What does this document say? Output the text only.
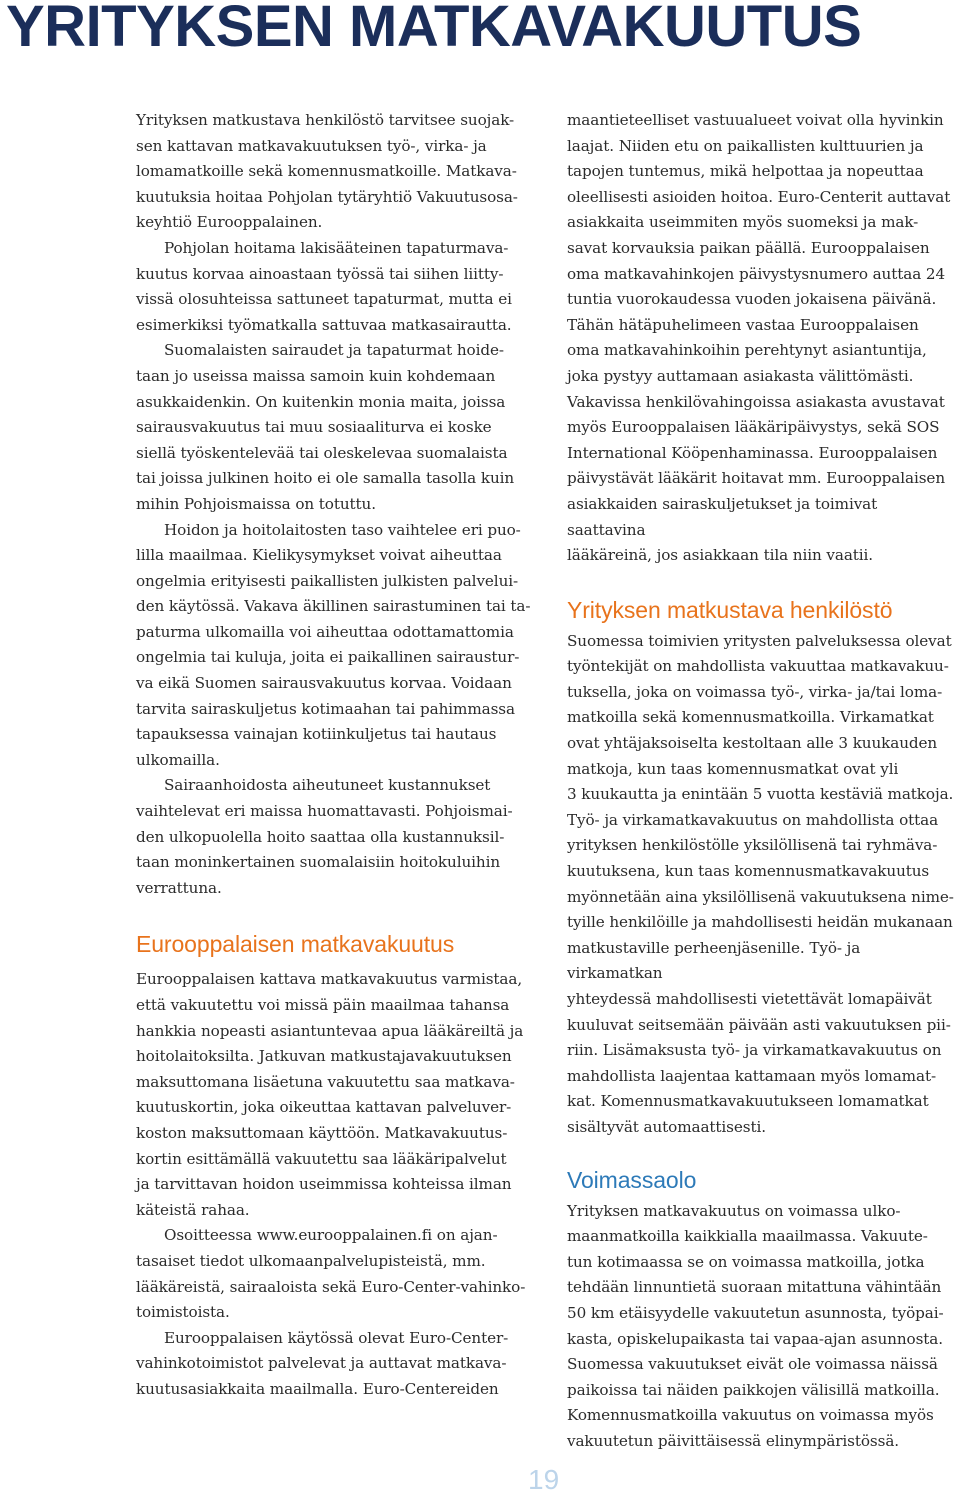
YRITYKSEN MATKAVAKUUTUS

Yrityksen matkustava henkilöstö tarvitsee suojak-
sen kattavan matkavakuutuksen työ-, virka- ja
lomamatkoille sekä komennusmatkoille. Matkava-
kuutuksia hoitaa Pohjolan tytäryhtiö Vakuutusosa-
keyhtiö Eurooppalainen.

Pohjolan hoitama lakisääteinen tapaturmava-
kuutus korvaa ainoastaan työssä tai siihen liitty-
vissä olosuhteissa sattuneet tapaturmat, mutta ei
esimerkiksi työmatkalla sattuvaa matkasairautta.

Suomalaisten sairaudet ja tapaturmat hoide-
taan jo useissa maissa samoin kuin kohdemaan
asukkaidenkin. On kuitenkin monia maita, joissa
sairausvakuutus tai muu sosiaaliturva ei koske
siellä työskentelevää tai oleskelevaa suomalaista
tai joissa julkinen hoito ei ole samalla tasolla kuin
mihin Pohjoismaissa on totuttu.

Hoidon ja hoitolaitosten taso vaihtelee eri puo-
lilla maailmaa. Kielikysymykset voivat aiheuttaa
ongelmia erityisesti paikallisten julkisten palvelui-
den käytössä. Vakava äkillinen sairastuminen tai ta-
paturma ulkomailla voi aiheuttaa odottamattomia
ongelmia tai kuluja, joita ei paikallinen sairaustur-
va eikä Suomen sairausvakuutus korvaa. Voidaan
tarvita sairaskuljetus kotimaahan tai pahimmassa
tapauksessa vainajan kotiinkuljetus tai hautaus
ulkomailla.

Sairaanhoidosta aiheutuneet kustannukset
vaihtelevat eri maissa huomattavasti. Pohjoismai-
den ulkopuolella hoito saattaa olla kustannuksil-
taan moninkertainen suomalaisiin hoitokuluihin
verrattuna.

Eurooppalaisen matkavakuutus

Eurooppalaisen kattava matkavakuutus varmistaa,
että vakuutettu voi missä päin maailmaa tahansa
hankkia nopeasti asiantuntevaa apua lääkäreiltä ja
hoitolaitoksilta. Jatkuvan matkustajavakuutuksen
maksuttomana lisäetuna vakuutettu saa matkava-
kuutuskortin, joka oikeuttaa kattavan palveluver-
koston maksuttomaan käyttöön. Matkavakuutus-
kortin esittämällä vakuutettu saa lääkäripalvelut
ja tarvittavan hoidon useimmissa kohteissa ilman
käteistä rahaa.

Osoitteessa www.eurooppalainen.fi on ajan-
tasaiset tiedot ulkomaanpalvelupisteistä, mm.
lääkäreistä, sairaaloista sekä Euro-Center-vahinko-
toimistoista.

Eurooppalaisen käytössä olevat Euro-Center-
vahinkotoimistot palvelevat ja auttavat matkava-
kuutusasiakkaita maailmalla. Euro-Centereiden

maantieteelliset vastuualueet voivat olla hyvinkin
laajat. Niiden etu on paikallisten kulttuurien ja
tapojen tuntemus, mikä helpottaa ja nopeuttaa
oleellisesti asioiden hoitoa. Euro-Centerit auttavat
asiakkaita useimmiten myös suomeksi ja mak-
savat korvauksia paikan päällä. Eurooppalaisen
oma matkavahinkojen päivystysnumero auttaa 24
tuntia vuorokaudessa vuoden jokaisena päivänä.
Tähän hätäpuhelimeen vastaa Eurooppalaisen
oma matkavahinkoihin perehtynyt asiantuntija,
joka pystyy auttamaan asiakasta välittömästi.
Vakavissa henkilövahingoissa asiakasta avustavat
myös Eurooppalaisen lääkäripäivystys, sekä SOS
International Kööpenhaminassa. Eurooppalaisen
päivystävät lääkärit hoitavat mm. Eurooppalaisen
asiakkaiden sairaskuljetukset ja toimivat saattavina
lääkäreinä, jos asiakkaan tila niin vaatii.

Yrityksen matkustava henkilöstö

Suomessa toimivien yritysten palveluksessa olevat
työntekijät on mahdollista vakuuttaa matkavakuu-
tuksella, joka on voimassa työ-, virka- ja/tai loma-
matkoilla sekä komennusmatkoilla. Virkamatkat
ovat yhtäjaksoiselta kestoltaan alle 3 kuukauden
matkoja, kun taas komennusmatkat ovat yli
3 kuukautta ja enintään 5 vuotta kestäviä matkoja.
Työ- ja virkamatkavakuutus on mahdollista ottaa
yrityksen henkilöstölle yksilöllisenä tai ryhmäva-
kuutuksena, kun taas komennusmatkavakuutus
myönnetään aina yksilöllisenä vakuutuksena nime-
tyille henkilöille ja mahdollisesti heidän mukanaan
matkustaville perheenjäsenille. Työ- ja virkamatkan
yhteydessä mahdollisesti vietettävät lomapäivät
kuuluvat seitsemään päivään asti vakuutuksen pii-
riin. Lisämaksusta työ- ja virkamatkavakuutus on
mahdollista laajentaa kattamaan myös lomamat-
kat. Komennusmatkavakuutukseen lomamatkat
sisältyvät automaattisesti.

Voimassaolo

Yrityksen matkavakuutus on voimassa ulko-
maanmatkoilla kaikkialla maailmassa. Vakuute-
tun kotimaassa se on voimassa matkoilla, jotka
tehdään linnuntietä suoraan mitattuna vähintään
50 km etäisyydelle vakuutetun asunnosta, työpai-
kasta, opiskelupaikasta tai vapaa-ajan asunnosta.
Suomessa vakuutukset eivät ole voimassa näissä
paikoissa tai näiden paikkojen välisillä matkoilla.
Komennusmatkoilla vakuutus on voimassa myös
vakuutetun päivittäisessä elinympäristössä.

19
